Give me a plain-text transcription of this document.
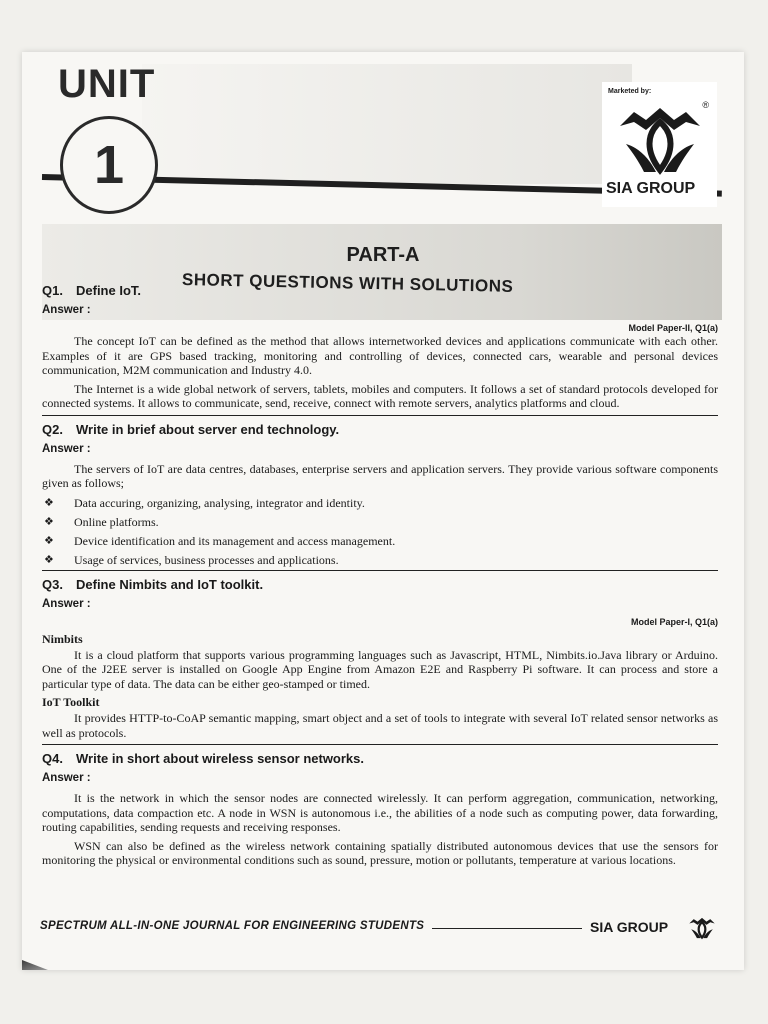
UNIT
1
Marketed by:
®
SIA GROUP
PART-A
SHORT QUESTIONS WITH SOLUTIONS

Q1. Define IoT.

Answer :

Model Paper-II, Q1(a)

The concept IoT can be defined as the method that allows internetworked devices and applications communicate with each other. Examples of it are GPS based tracking, monitoring and controlling of devices, connected cars, wearable and personal devices communication, M2M communication and Industry 4.0.

The Internet is a wide global network of servers, tablets, mobiles and computers. It follows a set of standard protocols developed for connected systems. It allows to communicate, send, receive, connect with remote servers, analytics platforms and cloud.

Q2. Write in brief about server end technology.

Answer :

The servers of IoT are data centres, databases, enterprise servers and application servers. They provide various software components given as follows;

❖ Data accuring, organizing, analysing, integrator and identity.

❖ Online platforms.

❖ Device identification and its management and access management.

❖ Usage of services, business processes and applications.

Q3. Define Nimbits and IoT toolkit.

Answer :

Model Paper-I, Q1(a)

Nimbits

It is a cloud platform that supports various programming languages such as Javascript, HTML, Nimbits.io.Java library or Arduino. One of the J2EE server is installed on Google App Engine from Amazon E2E and Raspberry Pi software. It can process and store a particular type of data. The data can be either geo-stamped or timed.

IoT Toolkit

It provides HTTP-to-CoAP semantic mapping, smart object and a set of tools to integrate with several IoT related sensor networks as well as protocols.

Q4. Write in short about wireless sensor networks.

Answer :

It is the network in which the sensor nodes are connected wirelessly. It can perform aggregation, communication, networking, computations, data compaction etc. A node in WSN is autonomous i.e., the abilities of a node such as computing power, data forwarding, routing capabilities, sending requests and receiving responses.

WSN can also be defined as the wireless network containing spatially distributed autonomous devices that use the sensors for monitoring the physical or environmental conditions such as sound, pressure, motion or pollutants, temperature at various locations.

SPECTRUM ALL-IN-ONE JOURNAL FOR ENGINEERING STUDENTS	SIA GROUP
